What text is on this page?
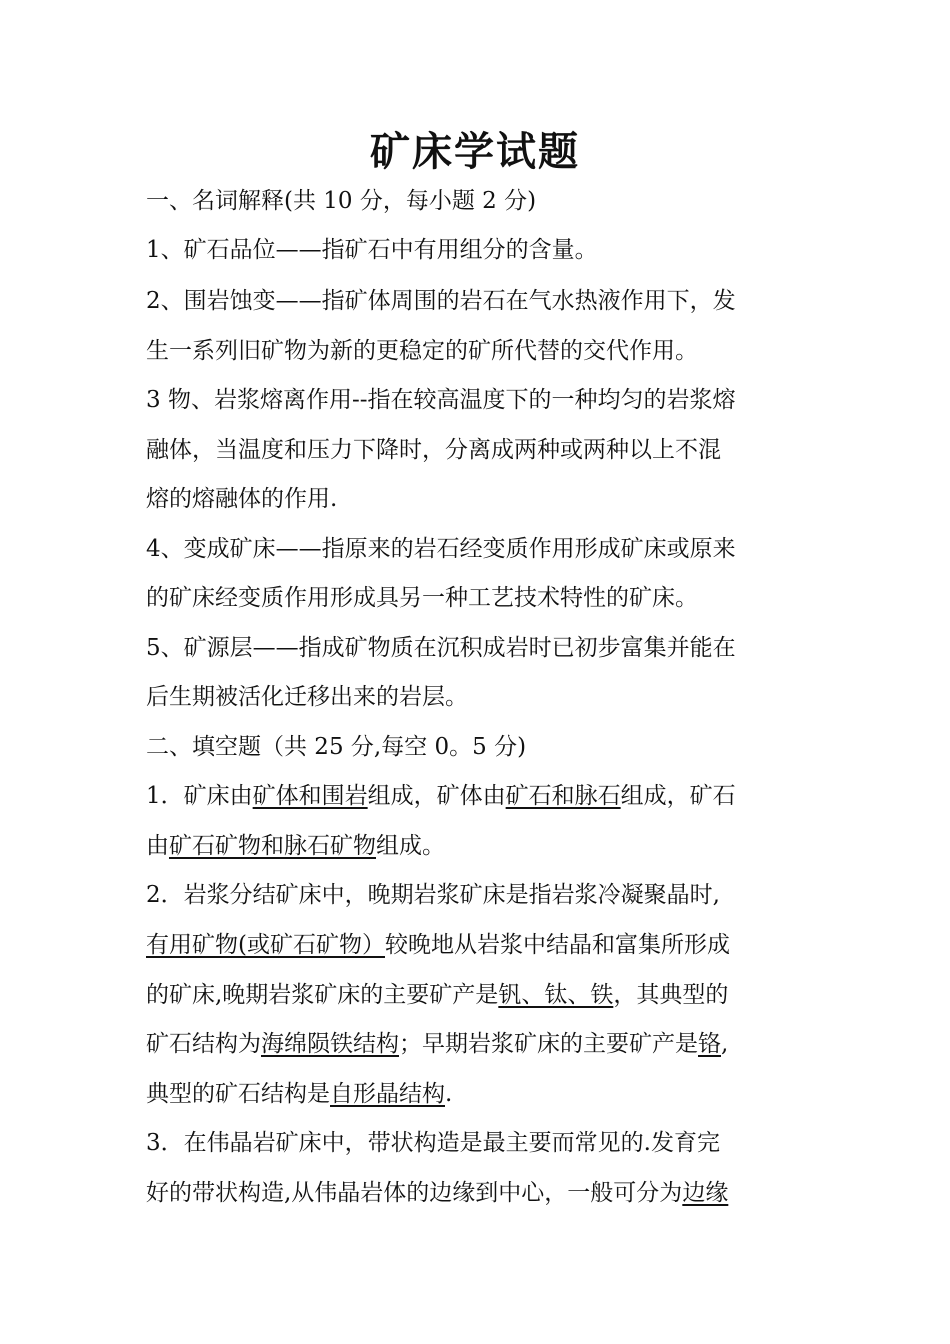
矿床学试题
一、名词解释(共 10 分，每小题 2 分)
1、矿石品位——指矿石中有用组分的含量。
2、围岩蚀变——指矿体周围的岩石在气水热液作用下，发
生一系列旧矿物为新的更稳定的矿所代替的交代作用。
3 物、岩浆熔离作用--指在较高温度下的一种均匀的岩浆熔
融体，当温度和压力下降时，分离成两种或两种以上不混
熔的熔融体的作用.
4、变成矿床——指原来的岩石经变质作用形成矿床或原来
的矿床经变质作用形成具另一种工艺技术特性的矿床。
5、矿源层——指成矿物质在沉积成岩时已初步富集并能在
后生期被活化迁移出来的岩层。
二、填空题（共 25 分,每空 0。5 分)
1．矿床由矿体和围岩组成，矿体由矿石和脉石组成，矿石
由矿石矿物和脉石矿物组成。
2．岩浆分结矿床中，晚期岩浆矿床是指岩浆冷凝聚晶时,
有用矿物(或矿石矿物）较晚地从岩浆中结晶和富集所形成
的矿床,晚期岩浆矿床的主要矿产是钒、钛、铁，其典型的
矿石结构为海绵陨铁结构；早期岩浆矿床的主要矿产是铬,
典型的矿石结构是自形晶结构.
3．在伟晶岩矿床中，带状构造是最主要而常见的.发育完
好的带状构造,从伟晶岩体的边缘到中心，一般可分为边缘
